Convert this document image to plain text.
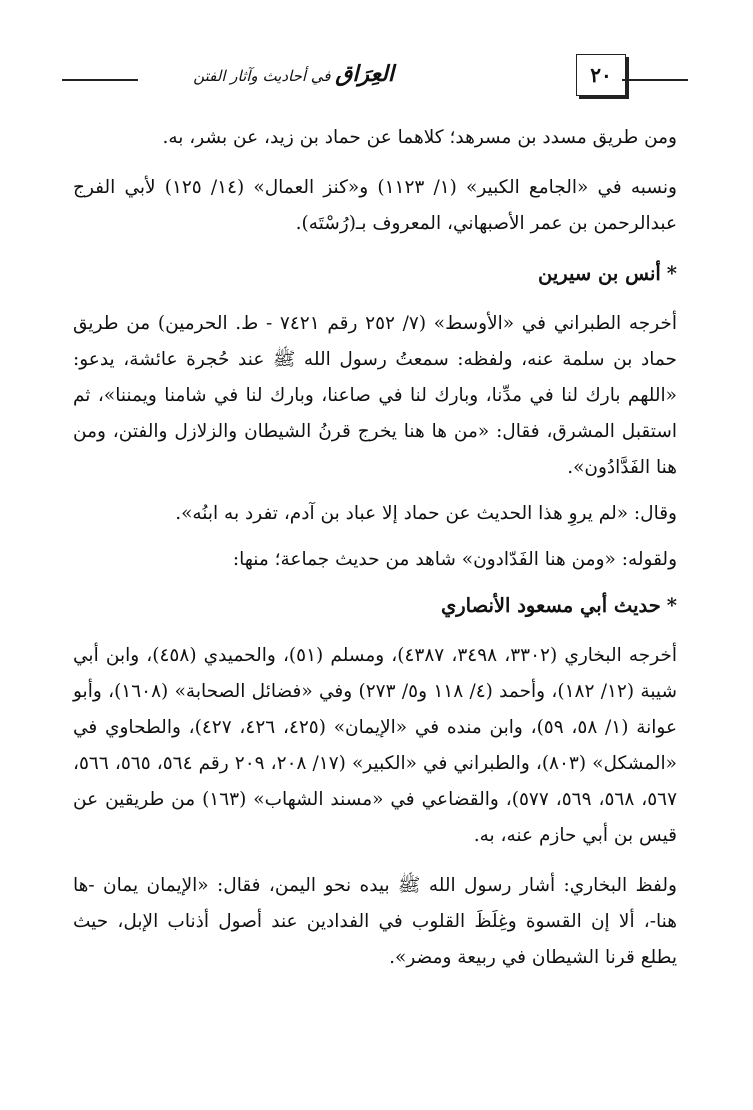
العِرَاق في أحاديث وآثار الفتن	٢٠

ومن طريق مسدد بن مسرهد؛ كلاهما عن حماد بن زيد، عن بشر، به.

ونسبه في «الجامع الكبير» (١/ ١١٢٣) و«كنز العمال» (١٤/ ١٢٥) لأبي الفرج عبدالرحمن بن عمر الأصبهاني، المعروف بـ(رُسْتَه).

*أنس بن سيرين

أخرجه الطبراني في «الأوسط» (٧/ ٢٥٢ رقم ٧٤٢١ - ط. الحرمين) من طريق حماد بن سلمة عنه، ولفظه: سمعتُ رسول الله ﷺ عند حُجرة عائشة، يدعو: «اللهم بارك لنا في مدِّنا، وبارك لنا في صاعنا، وبارك لنا في شامنا ويمننا»، ثم استقبل المشرق، فقال: «من ها هنا يخرج قرنُ الشيطان والزلازل والفتن، ومن هنا الفَدَّادُون».

وقال: «لم يروِ هذا الحديث عن حماد إلا عباد بن آدم، تفرد به ابنُه».

ولقوله: «ومن هنا الفَدّادون» شاهد من حديث جماعة؛ منها:

*حديث أبي مسعود الأنصاري

أخرجه البخاري (٣٣٠٢، ٣٤٩٨، ٤٣٨٧)، ومسلم (٥١)، والحميدي (٤٥٨)، وابن أبي شيبة (١٢/ ١٨٢)، وأحمد (٤/ ١١٨ و٥/ ٢٧٣) وفي «فضائل الصحابة» (١٦٠٨)، وأبو عوانة (١/ ٥٨، ٥٩)، وابن منده في «الإيمان» (٤٢٥، ٤٢٦، ٤٢٧)، والطحاوي في «المشكل» (٨٠٣)، والطبراني في «الكبير» (١٧/ ٢٠٨، ٢٠٩ رقم ٥٦٤، ٥٦٥، ٥٦٦، ٥٦٧، ٥٦٨، ٥٦٩، ٥٧٧)، والقضاعي في «مسند الشهاب» (١٦٣) من طريقين عن قيس بن أبي حازم عنه، به.

ولفظ البخاري: أشار رسول الله ﷺ بيده نحو اليمن، فقال: «الإيمان يمان -ها هنا-، ألا إن القسوة وغِلَظَ القلوب في الفدادين عند أصول أذناب الإبل، حيث يطلع قرنا الشيطان في ربيعة ومضر».
